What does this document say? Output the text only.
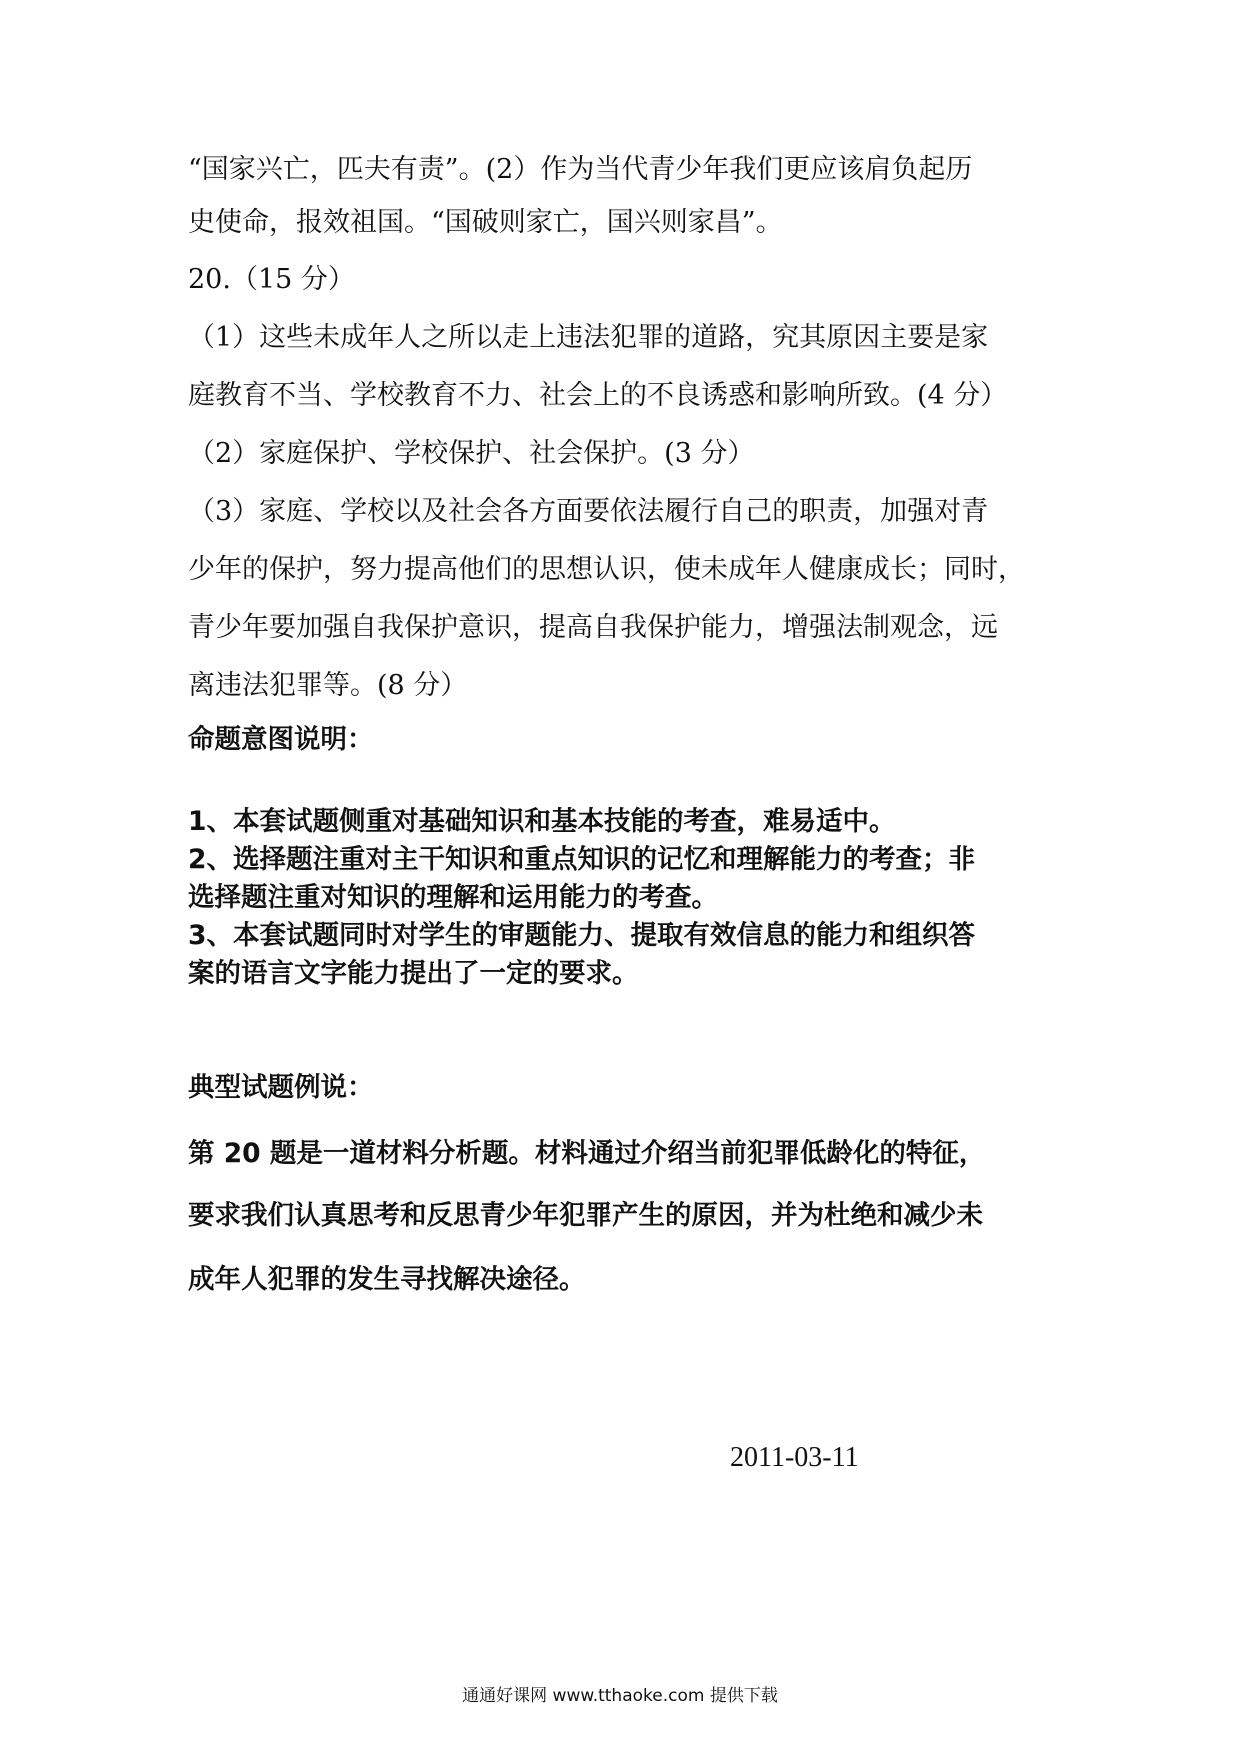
“国家兴亡，匹夫有责”。(2）作为当代青少年我们更应该肩负起历
史使命，报效祖国。“国破则家亡，国兴则家昌”。
20.（15 分）
（1）这些未成年人之所以走上违法犯罪的道路，究其原因主要是家
庭教育不当、学校教育不力、社会上的不良诱惑和影响所致。(4 分）
（2）家庭保护、学校保护、社会保护。(3 分）
（3）家庭、学校以及社会各方面要依法履行自己的职责，加强对青
少年的保护，努力提高他们的思想认识，使未成年人健康成长；同时，
青少年要加强自我保护意识，提高自我保护能力，增强法制观念，远
离违法犯罪等。(8 分）
命题意图说明：
1、本套试题侧重对基础知识和基本技能的考查，难易适中。
2、选择题注重对主干知识和重点知识的记忆和理解能力的考查；非
选择题注重对知识的理解和运用能力的考查。
3、本套试题同时对学生的审题能力、提取有效信息的能力和组织答
案的语言文字能力提出了一定的要求。
典型试题例说：
第 20 题是一道材料分析题。材料通过介绍当前犯罪低龄化的特征，
要求我们认真思考和反思青少年犯罪产生的原因，并为杜绝和减少未
成年人犯罪的发生寻找解决途径。
2011-03-11
通通好课网 www.tthaoke.com 提供下载
